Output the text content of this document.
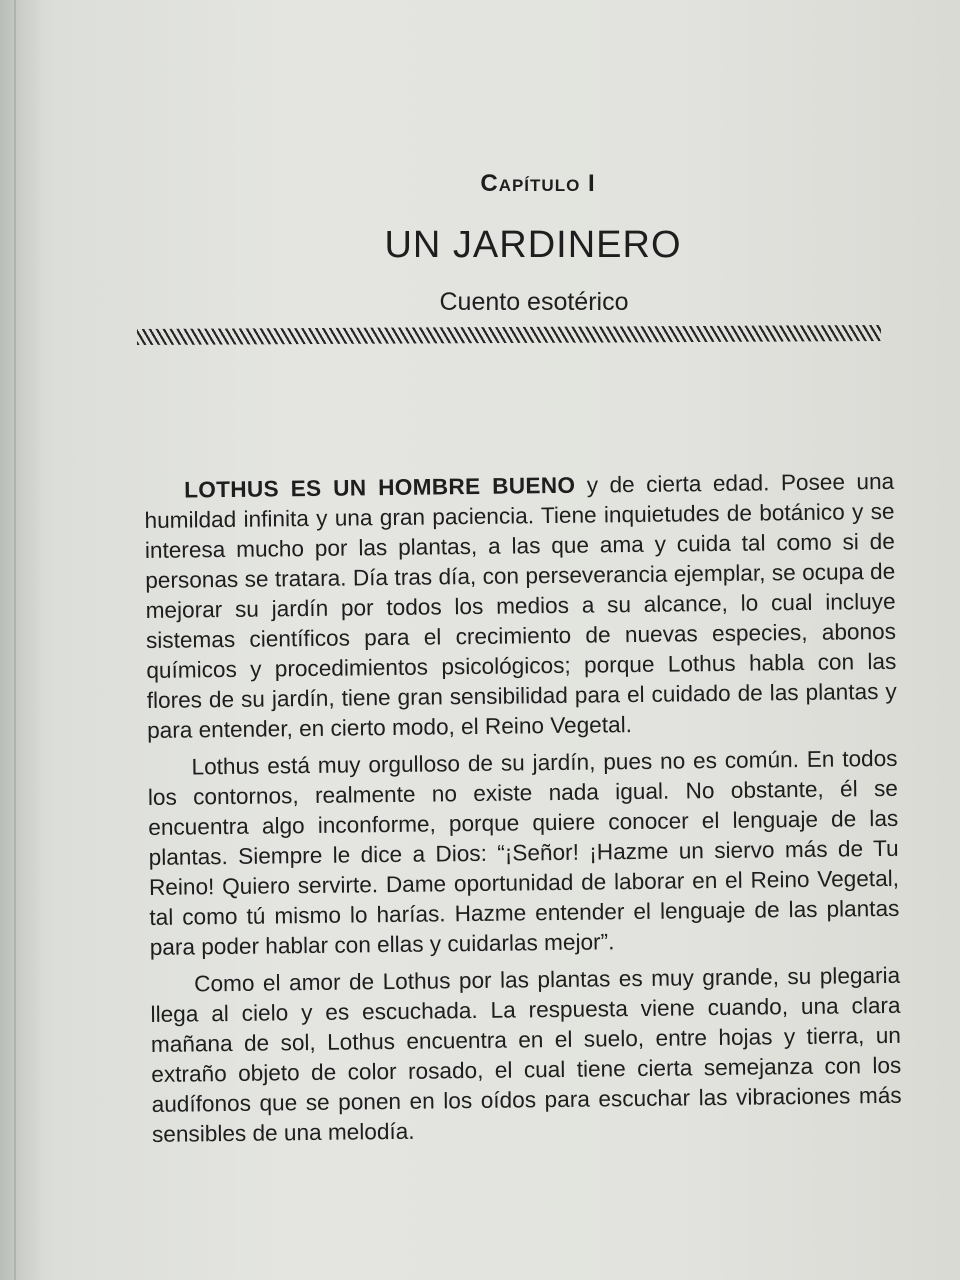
Capítulo I
UN JARDINERO
Cuento esotérico

LOTHUS ES UN HOMBRE BUENO y de cierta edad. Posee una humildad infinita y una gran paciencia. Tiene inquietudes de botánico y se interesa mucho por las plantas, a las que ama y cuida tal como si de personas se tratara. Día tras día, con perseverancia ejemplar, se ocupa de mejorar su jardín por todos los medios a su alcance, lo cual incluye sistemas científicos para el crecimiento de nuevas especies, abonos químicos y procedimientos psicológicos; porque Lothus habla con las flores de su jardín, tiene gran sensibilidad para el cuidado de las plantas y para entender, en cierto modo, el Reino Vegetal.

Lothus está muy orgulloso de su jardín, pues no es común. En todos los contornos, realmente no existe nada igual. No obstante, él se encuentra algo inconforme, porque quiere conocer el lenguaje de las plantas. Siempre le dice a Dios: “¡Señor! ¡Hazme un siervo más de Tu Reino! Quiero servirte. Dame oportunidad de laborar en el Reino Vegetal, tal como tú mismo lo harías. Hazme entender el lenguaje de las plantas para poder hablar con ellas y cuidarlas mejor”.

Como el amor de Lothus por las plantas es muy grande, su plegaria llega al cielo y es escuchada. La respuesta viene cuando, una clara mañana de sol, Lothus encuentra en el suelo, entre hojas y tierra, un extraño objeto de color rosado, el cual tiene cierta semejanza con los audífonos que se ponen en los oídos para escuchar las vibraciones más sensibles de una melodía.
